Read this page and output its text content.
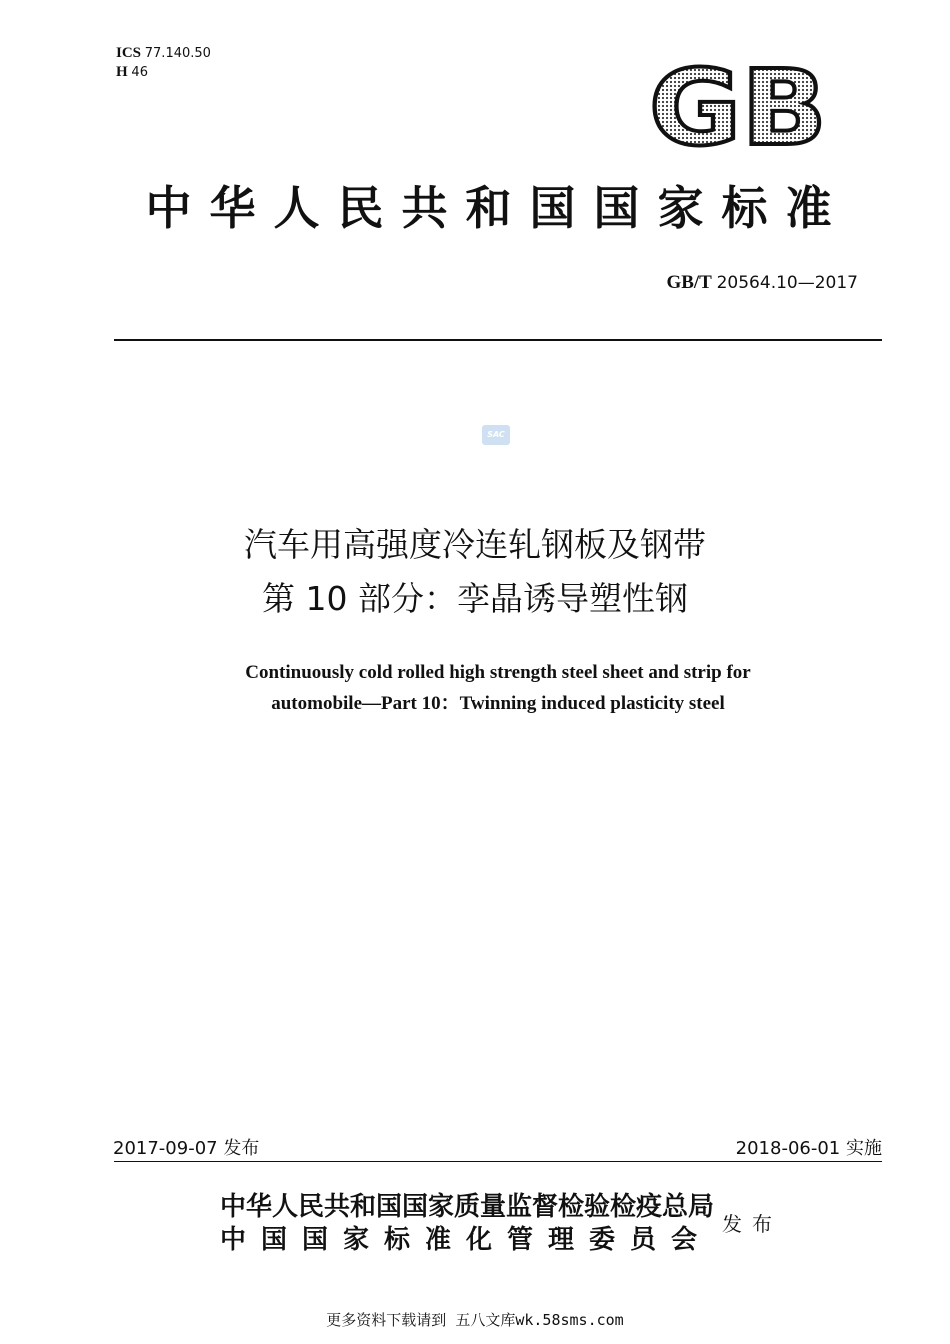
ICS 77.140.50
H 46	GB
中华人民共和国国家标准
GB/T 20564.10—2017
SAC
汽车用高强度冷连轧钢板及钢带
第 10 部分：孪晶诱导塑性钢
Continuously cold rolled high strength steel sheet and strip for
automobile—Part 10：Twinning induced plasticity steel
2017-09-07 发布	2018-06-01 实施
中华人民共和国国家质量监督检验检疫总局
中国国家标准化管理委员会
发布
更多资料下载请到 五八文库wk.58sms.com
